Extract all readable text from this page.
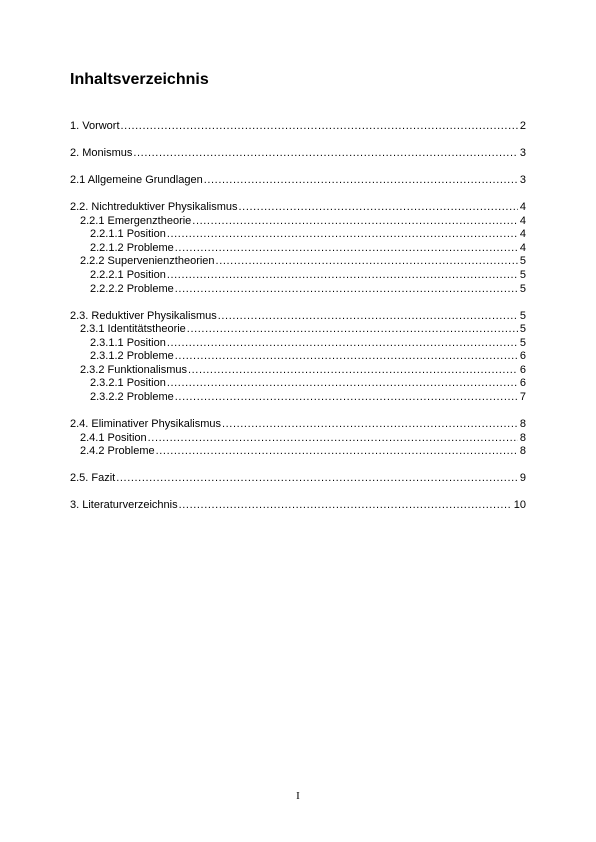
Inhaltsverzeichnis
1. Vorwort .....	2
2. Monismus .....	3
2.1 Allgemeine Grundlagen .....	3
2.2. Nichtreduktiver Physikalismus .....	4
2.2.1 Emergenztheorie .....	4
2.2.1.1 Position .....	4
2.2.1.2 Probleme .....	4
2.2.2 Supervenienztheorien .....	5
2.2.2.1 Position .....	5
2.2.2.2 Probleme .....	5
2.3. Reduktiver Physikalismus .....	5
2.3.1 Identitätstheorie .....	5
2.3.1.1 Position .....	5
2.3.1.2 Probleme .....	6
2.3.2 Funktionalismus .....	6
2.3.2.1 Position .....	6
2.3.2.2 Probleme .....	7
2.4. Eliminativer Physikalismus .....	8
2.4.1 Position .....	8
2.4.2 Probleme .....	8
2.5. Fazit .....	9
3. Literaturverzeichnis .....	10
I
